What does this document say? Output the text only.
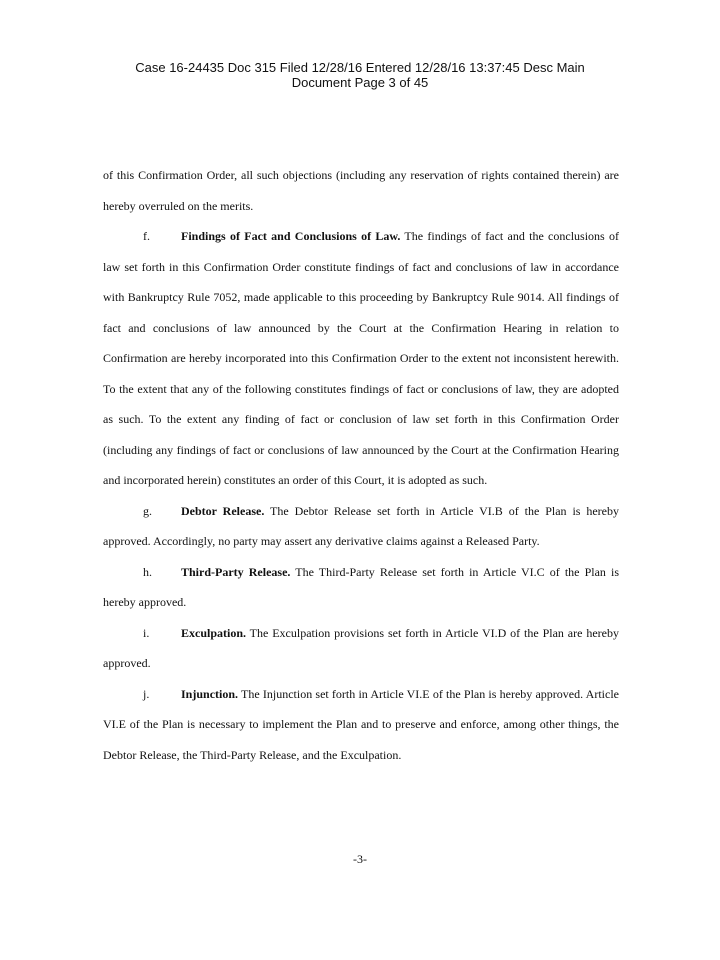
Case 16-24435 Doc 315 Filed 12/28/16 Entered 12/28/16 13:37:45 Desc Main
Document Page 3 of 45

of this Confirmation Order, all such objections (including any reservation of rights contained therein) are hereby overruled on the merits.

f.	Findings of Fact and Conclusions of Law. The findings of fact and the conclusions of law set forth in this Confirmation Order constitute findings of fact and conclusions of law in accordance with Bankruptcy Rule 7052, made applicable to this proceeding by Bankruptcy Rule 9014. All findings of fact and conclusions of law announced by the Court at the Confirmation Hearing in relation to Confirmation are hereby incorporated into this Confirmation Order to the extent not inconsistent herewith. To the extent that any of the following constitutes findings of fact or conclusions of law, they are adopted as such. To the extent any finding of fact or conclusion of law set forth in this Confirmation Order (including any findings of fact or conclusions of law announced by the Court at the Confirmation Hearing and incorporated herein) constitutes an order of this Court, it is adopted as such.

g. Debtor Release. The Debtor Release set forth in Article VI.B of the Plan is hereby approved. Accordingly, no party may assert any derivative claims against a Released Party.

h. Third-Party Release. The Third-Party Release set forth in Article VI.C of the Plan is hereby approved.

i.	Exculpation. The Exculpation provisions set forth in Article VI.D of the Plan are hereby approved.

j.	Injunction. The Injunction set forth in Article VI.E of the Plan is hereby approved. Article VI.E of the Plan is necessary to implement the Plan and to preserve and enforce, among other things, the Debtor Release, the Third-Party Release, and the Exculpation.

-3-
